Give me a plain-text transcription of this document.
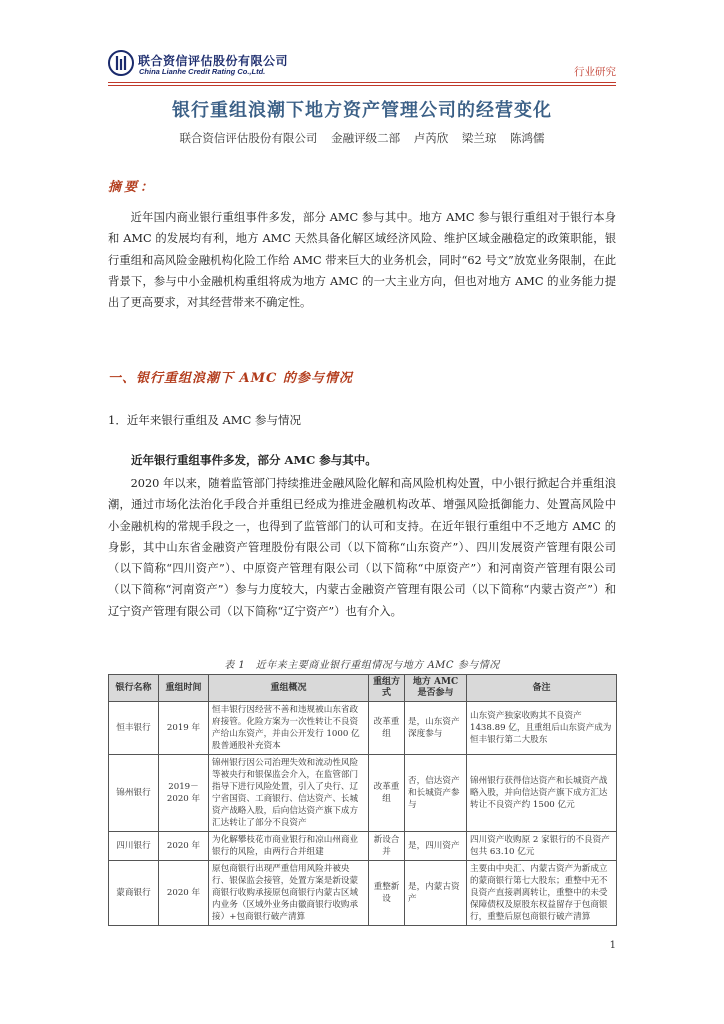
联合资信评估股份有限公司
China Lianhe Credit Rating Co.,Ltd.	行业研究
银行重组浪潮下地方资产管理公司的经营变化
联合资信评估股份有限公司 金融评级二部 卢芮欣 梁兰琼 陈鸿儒
摘要：
近年国内商业银行重组事件多发，部分 AMC 参与其中。地方 AMC 参与银行重组对于银行本身和 AMC 的发展均有利，地方 AMC 天然具备化解区域经济风险、维护区域金融稳定的政策职能，银行重组和高风险金融机构化险工作给 AMC 带来巨大的业务机会，同时“62 号文”放宽业务限制，在此背景下，参与中小金融机构重组将成为地方 AMC 的一大主业方向，但也对地方 AMC 的业务能力提出了更高要求，对其经营带来不确定性。
一、银行重组浪潮下 AMC 的参与情况
1．近年来银行重组及 AMC 参与情况
近年银行重组事件多发，部分 AMC 参与其中。
2020 年以来，随着监管部门持续推进金融风险化解和高风险机构处置，中小银行掀起合并重组浪潮，通过市场化法治化手段合并重组已经成为推进金融机构改革、增强风险抵御能力、处置高风险中小金融机构的常规手段之一，也得到了监管部门的认可和支持。在近年银行重组中不乏地方 AMC 的身影，其中山东省金融资产管理股份有限公司（以下简称“山东资产”）、四川发展资产管理有限公司（以下简称“四川资产”）、中原资产管理有限公司（以下简称“中原资产”）和河南资产管理有限公司（以下简称“河南资产”）参与力度较大，内蒙古金融资产管理有限公司（以下简称“内蒙古资产”）和辽宁资产管理有限公司（以下简称“辽宁资产”）也有介入。
表 1　近年来主要商业银行重组情况与地方 AMC 参与情况
银行名称	重组时间	重组概况	重组方式	地方 AMC 是否参与	备注
恒丰银行	2019 年	恒丰银行因经营不善和违规被山东省政府接管。化险方案为一次性转让不良资产给山东资产，并由公开发行 1000 亿股普通股补充资本	改革重组	是，山东资产深度参与	山东资产独家收购其不良资产 1438.89 亿，且重组后山东资产成为恒丰银行第二大股东
锦州银行	2019－2020 年	锦州银行因公司治理失效和流动性风险等被央行和银保监会介入，在监管部门指导下进行风险处置，引入了央行、辽宁省国资、工商银行、信达资产、长城资产战略入股，后向信达资产旗下成方汇达转让了部分不良资产	改革重组	否，信达资产和长城资产参与	锦州银行获得信达资产和长城资产战略入股，并向信达资产旗下成方汇达转让不良资产约 1500 亿元
四川银行	2020 年	为化解攀枝花市商业银行和凉山州商业银行的风险，由两行合并组建	新设合并	是，四川资产	四川资产收购原 2 家银行的不良资产包共 63.10 亿元
蒙商银行	2020 年	原包商银行出现严重信用风险并被央行、银保监会接管，处置方案是新设蒙商银行收购承接原包商银行内蒙古区域内业务（区域外业务由徽商银行收购承接）+包商银行破产清算	重整新设	是，内蒙古资产	主要由中央汇、内蒙古资产为新成立的蒙商银行第七大股东；重整中无不良资产直接剥离转让，重整中的未受保障债权及原股东权益留存于包商银行，重整后原包商银行破产清算
1
